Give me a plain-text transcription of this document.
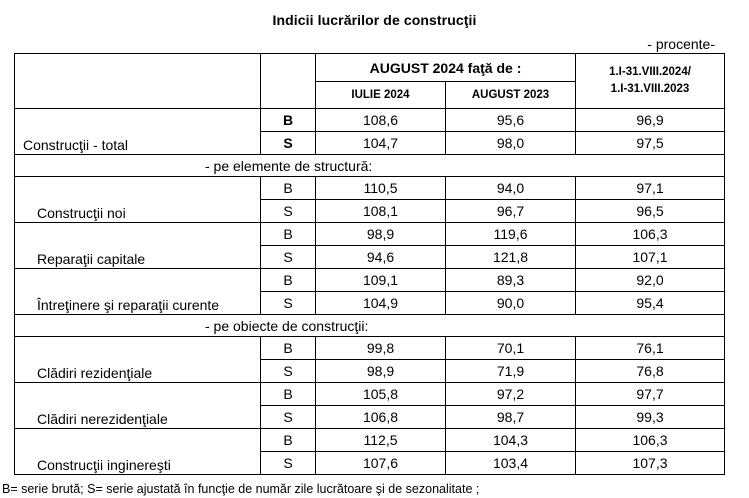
Indicii lucrărilor de construcţii
- procente-
		AUGUST 2024 faţă de :		1.I-31.VIII.2024/
1.I-31.VIII.2023
		IULIE 2024	AUGUST 2023	
Construcţii - total	B	108,6	95,6	96,9
	S	104,7	98,0	97,5
- pe elemente de structură:				
Construcţii noi	B	110,5	94,0	97,1
	S	108,1	96,7	96,5
Reparaţii capitale	B	98,9	119,6	106,3
	S	94,6	121,8	107,1
Întreţinere şi reparaţii curente	B	109,1	89,3	92,0
	S	104,9	90,0	95,4
- pe obiecte de construcţii:				
Clădiri rezidenţiale	B	99,8	70,1	76,1
	S	98,9	71,9	76,8
Clădiri nerezidenţiale	B	105,8	97,2	97,7
	S	106,8	98,7	99,3
Construcţii inginereşti	B	112,5	104,3	106,3
	S	107,6	103,4	107,3
B= serie brută; S= serie ajustată în funcţie de număr zile lucrătoare şi de sezonalitate ;
